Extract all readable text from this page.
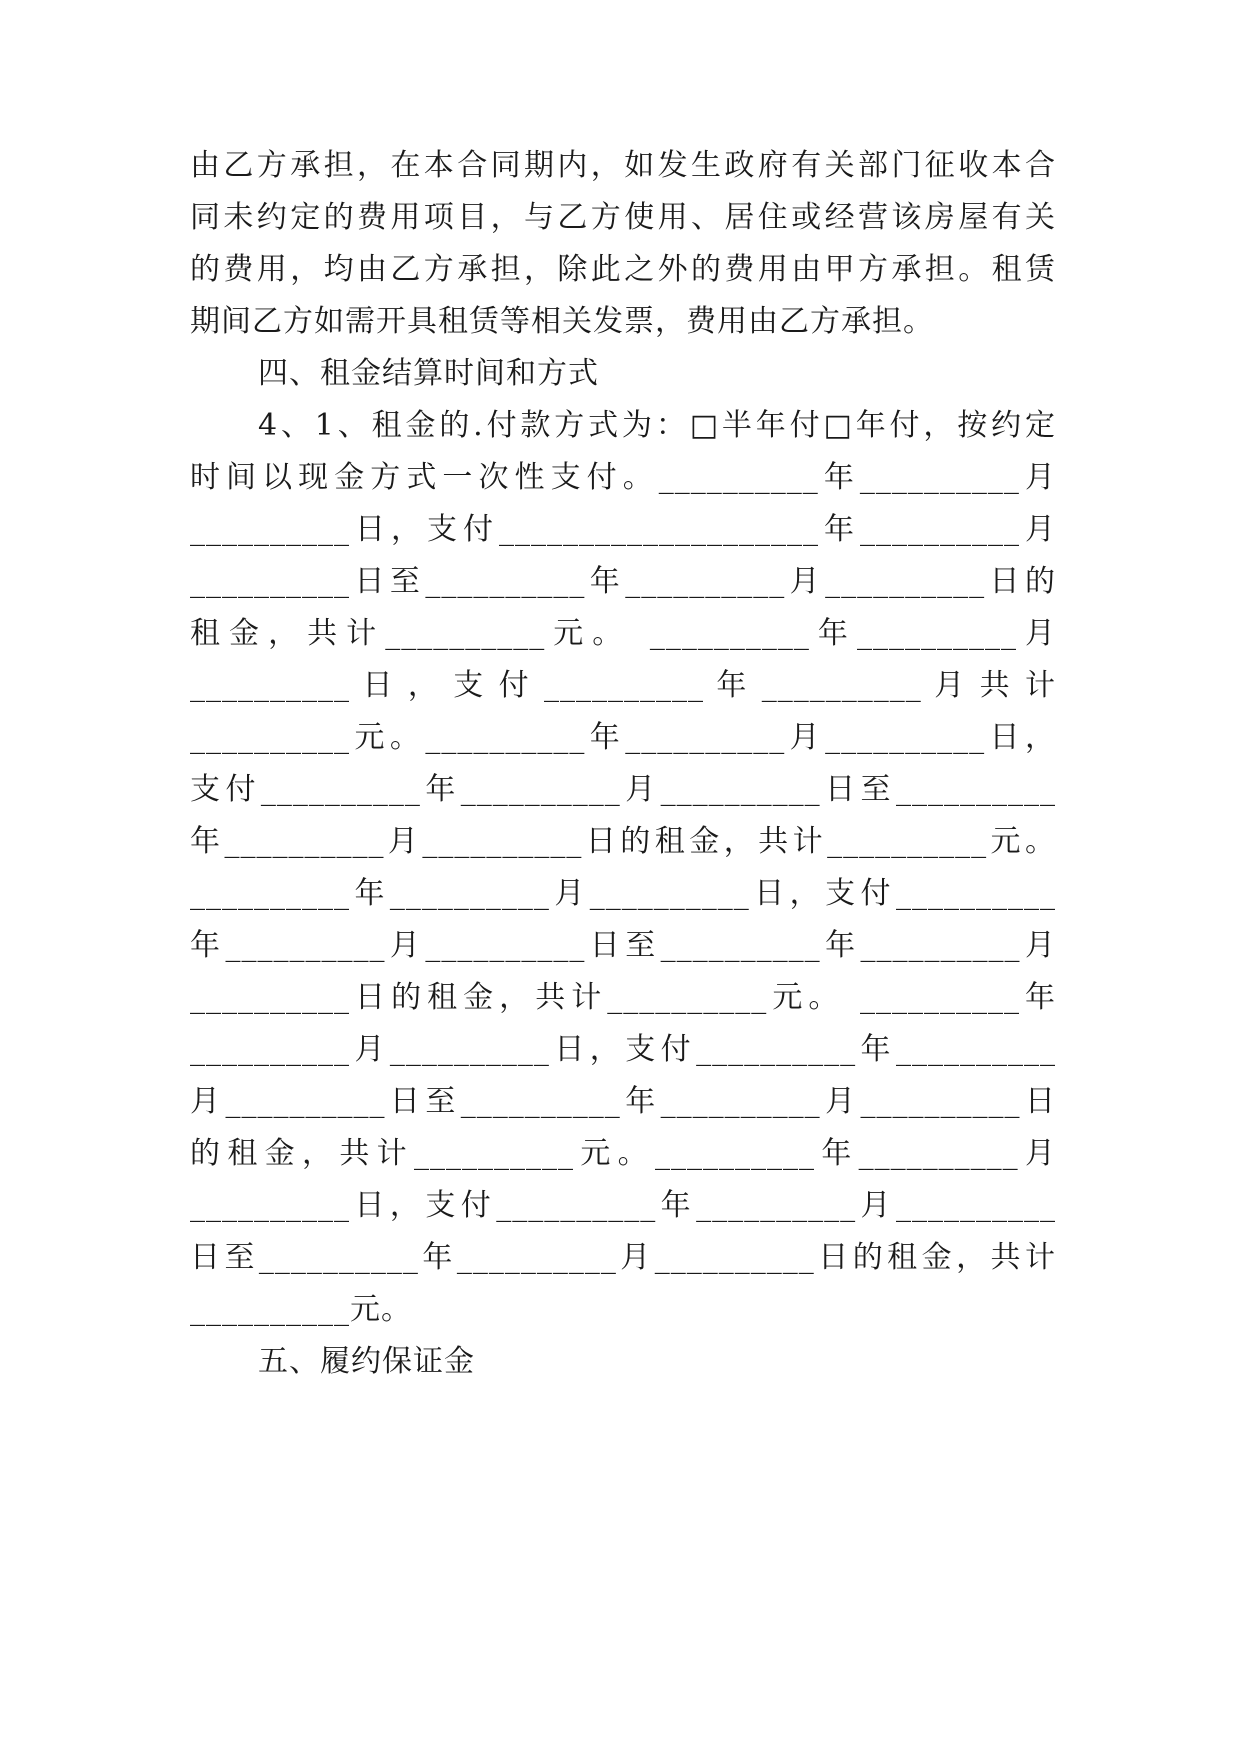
由乙方承担，在本合同期内，如发生政府有关部门征收本合
同未约定的费用项目，与乙方使用、居住或经营该房屋有关
的费用，均由乙方承担，除此之外的费用由甲方承担。租赁
期间乙方如需开具租赁等相关发票，费用由乙方承担。
四、租金结算时间和方式
4、1、租金的.付款方式为：□半年付□年付，按约定
时间以现金方式一次性支付。__________年__________月
__________日，支付____________________年__________月
__________日至__________年__________月__________日的
租金，共计__________元。 __________年__________月
__________ 日 ， 支 付 __________ 年 __________ 月 共 计
__________元。__________年__________月__________日，
支付__________年__________月__________日至__________
年__________月__________日的租金，共计__________元。
__________年__________月__________日，支付__________
年__________月__________日至__________年__________月
__________日的租金，共计__________元。 __________年
__________月__________日，支付__________年__________
月__________日至__________年__________月__________日
的租金，共计__________元。__________年__________月
__________日，支付__________年__________月__________
日至__________年__________月__________日的租金，共计
__________元。
五、履约保证金
